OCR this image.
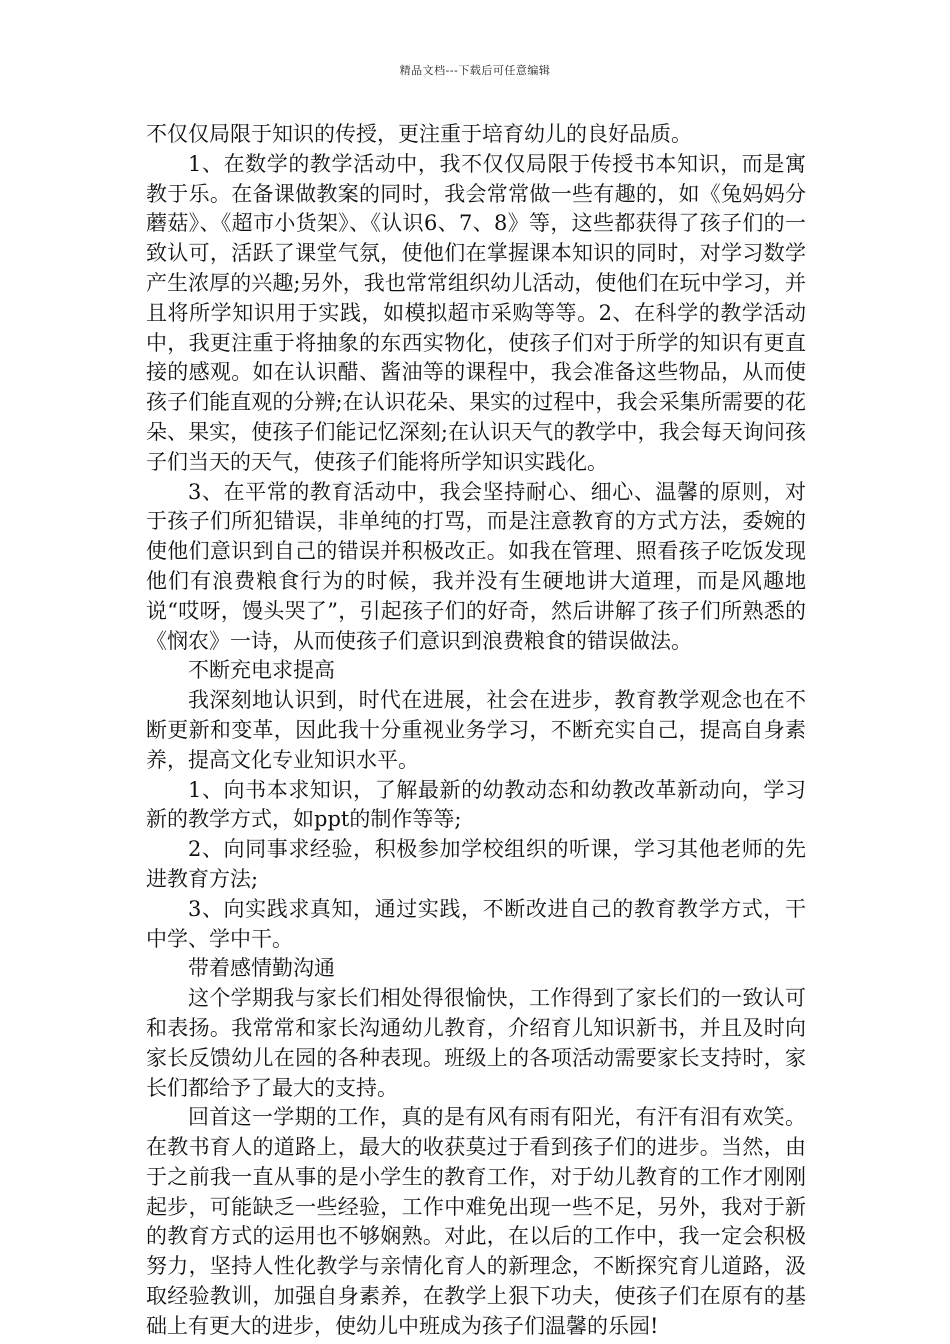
精品文档---下载后可任意编辑

不仅仅局限于知识的传授，更注重于培育幼儿的良好品质。

1、在数学的教学活动中，我不仅仅局限于传授书本知识，而是寓教于乐。在备课做教案的同时，我会常常做一些有趣的，如《兔妈妈分蘑菇》、《超市小货架》、《认识6、7、8》等，这些都获得了孩子们的一致认可，活跃了课堂气氛，使他们在掌握课本知识的同时，对学习数学产生浓厚的兴趣;另外，我也常常组织幼儿活动，使他们在玩中学习，并且将所学知识用于实践，如模拟超市采购等等。2、在科学的教学活动中，我更注重于将抽象的东西实物化，使孩子们对于所学的知识有更直接的感观。如在认识醋、酱油等的课程中，我会准备这些物品，从而使孩子们能直观的分辨;在认识花朵、果实的过程中，我会采集所需要的花朵、果实，使孩子们能记忆深刻;在认识天气的教学中，我会每天询问孩子们当天的天气，使孩子们能将所学知识实践化。

3、在平常的教育活动中，我会坚持耐心、细心、温馨的原则，对于孩子们所犯错误，非单纯的打骂，而是注意教育的方式方法，委婉的使他们意识到自己的错误并积极改正。如我在管理、照看孩子吃饭发现他们有浪费粮食行为的时候，我并没有生硬地讲大道理，而是风趣地说“哎呀，馒头哭了”，引起孩子们的好奇，然后讲解了孩子们所熟悉的《悯农》一诗，从而使孩子们意识到浪费粮食的错误做法。

不断充电求提高

我深刻地认识到，时代在进展，社会在进步，教育教学观念也在不断更新和变革，因此我十分重视业务学习，不断充实自己，提高自身素养，提高文化专业知识水平。

1、向书本求知识，了解最新的幼教动态和幼教改革新动向，学习新的教学方式，如ppt的制作等等;

2、向同事求经验，积极参加学校组织的听课，学习其他老师的先进教育方法;

3、向实践求真知，通过实践，不断改进自己的教育教学方式，干中学、学中干。

带着感情勤沟通

这个学期我与家长们相处得很愉快，工作得到了家长们的一致认可和表扬。我常常和家长沟通幼儿教育，介绍育儿知识新书，并且及时向家长反馈幼儿在园的各种表现。班级上的各项活动需要家长支持时，家长们都给予了最大的支持。

回首这一学期的工作，真的是有风有雨有阳光，有汗有泪有欢笑。在教书育人的道路上，最大的收获莫过于看到孩子们的进步。当然，由于之前我一直从事的是小学生的教育工作，对于幼儿教育的工作才刚刚起步，可能缺乏一些经验，工作中难免出现一些不足，另外，我对于新的教育方式的运用也不够娴熟。对此，在以后的工作中，我一定会积极努力，坚持人性化教学与亲情化育人的新理念，不断探究育儿道路，汲取经验教训，加强自身素养，在教学上狠下功夫，使孩子们在原有的基础上有更大的进步，使幼儿中班成为孩子们温馨的乐园!
